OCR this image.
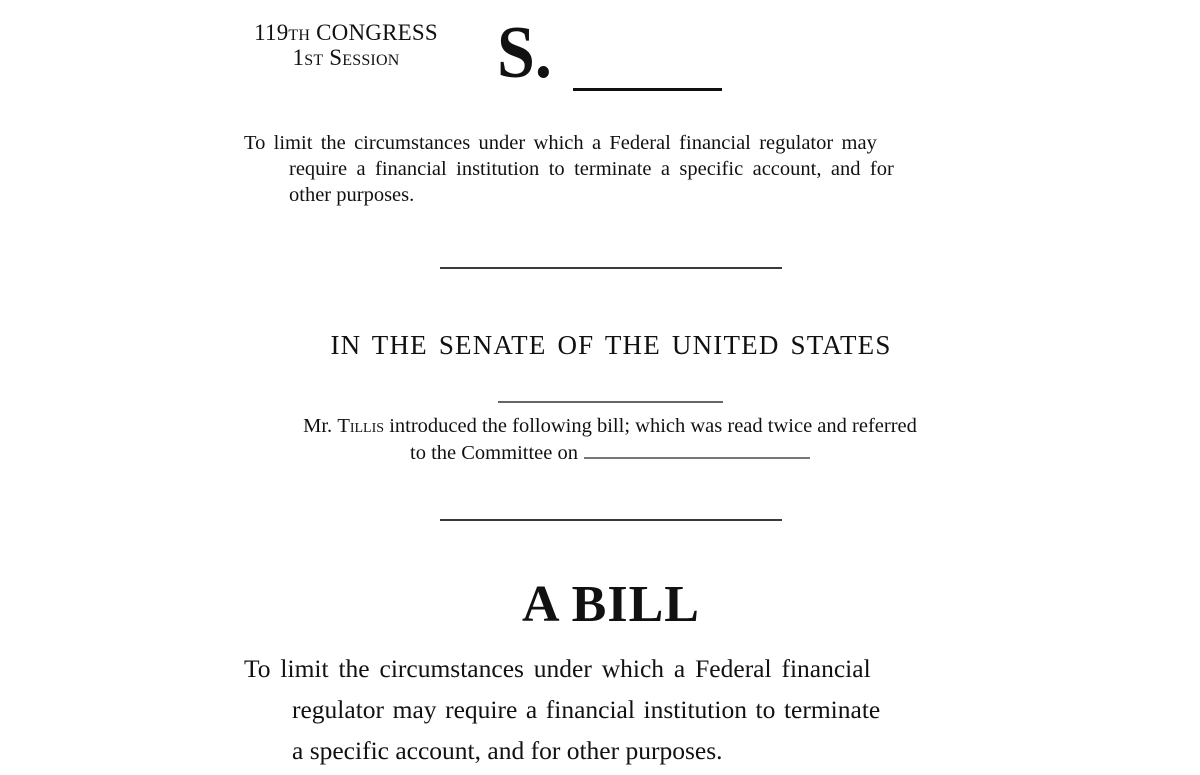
119th CONGRESS
1st Session	S.
To limit the circumstances under which a Federal financial regulator may
require a financial institution to terminate a specific account, and for
other purposes.
IN THE SENATE OF THE UNITED STATES
Mr. Tillis introduced the following bill; which was read twice and referred
to the Committee on
A BILL
To limit the circumstances under which a Federal financial
regulator may require a financial institution to terminate
a specific account, and for other purposes.
